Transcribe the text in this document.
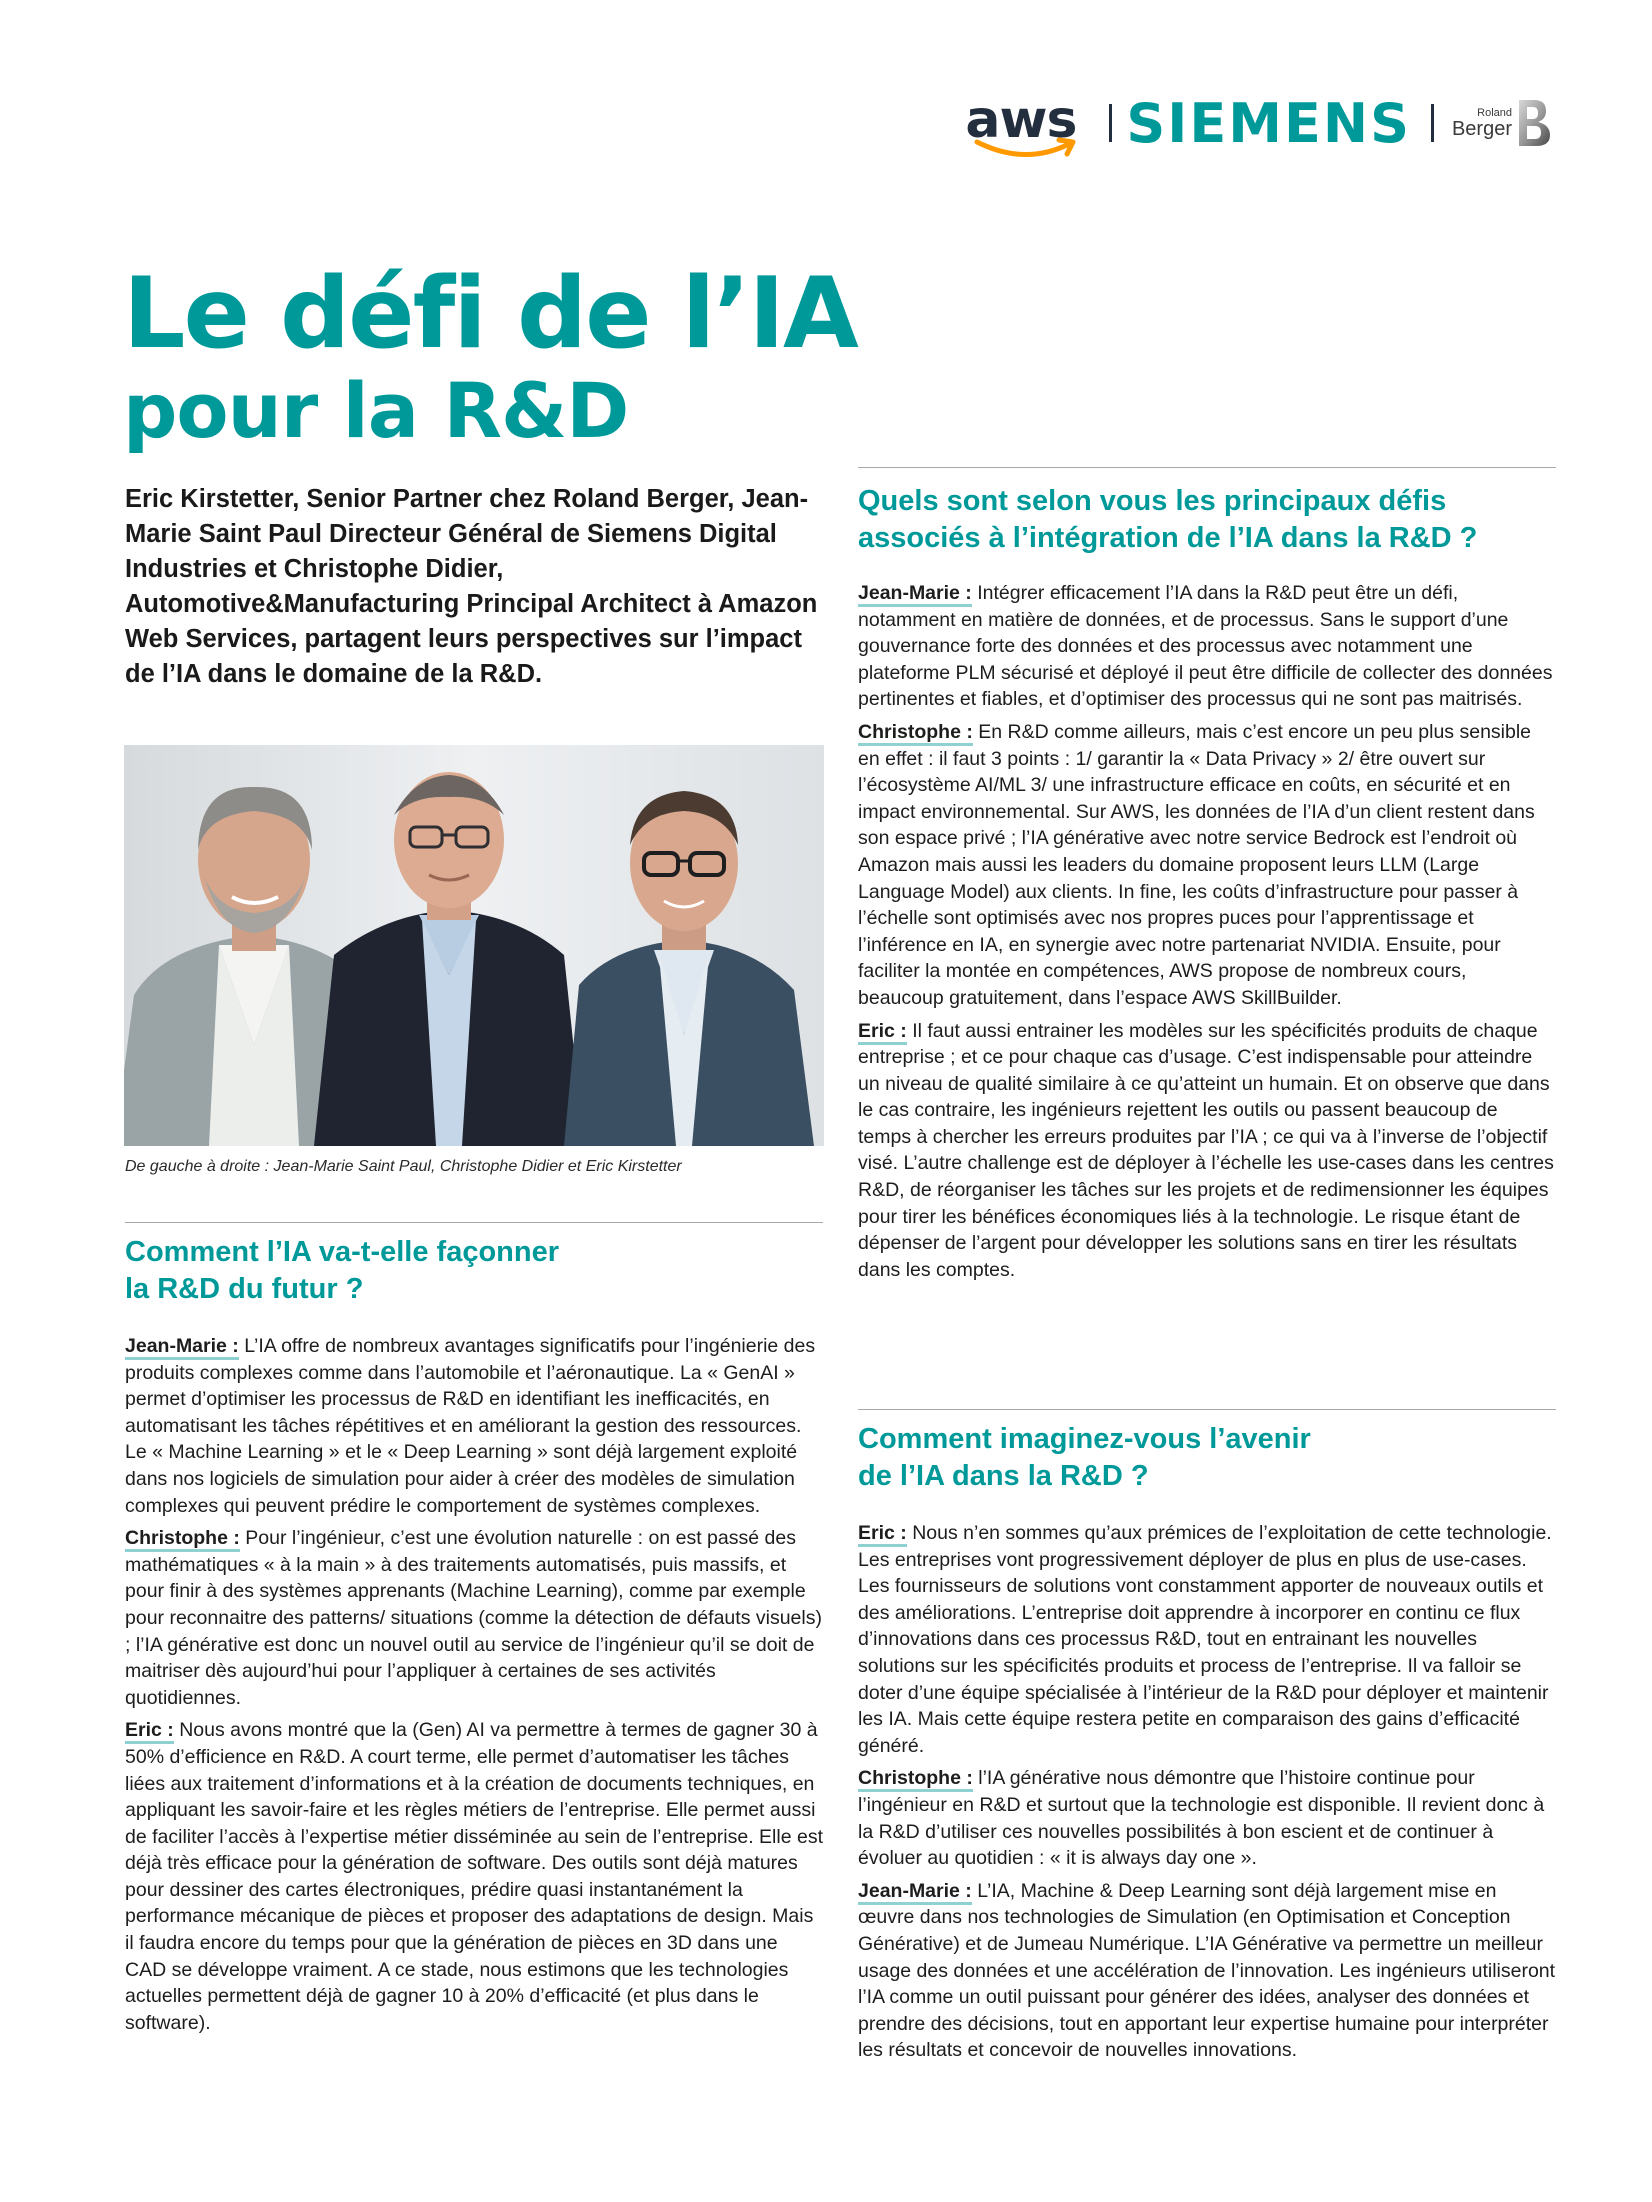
aws SIEMENS	Roland
Berger
Le défi de l’IA
pour la R&D

Eric Kirstetter, Senior Partner chez Roland Berger, Jean-Marie Saint Paul Directeur Général de Siemens Digital Industries et Christophe Didier, Automotive&Manufacturing Principal Architect à Amazon Web Services, partagent leurs perspectives sur l’impact de l’IA dans le domaine de la R&D.

De gauche à droite : Jean-Marie Saint Paul, Christophe Didier et Eric Kirstetter

Comment l’IA va-t-elle façonner
la R&D du futur ?

Jean-Marie : L’IA offre de nombreux avantages significatifs pour l’ingénierie des produits complexes comme dans l’automobile et l’aéronautique. La « GenAI » permet d’optimiser les processus de R&D en identifiant les inefficacités, en automatisant les tâches répétitives et en améliorant la gestion des ressources. Le « Machine Learning » et le « Deep Learning » sont déjà largement exploité dans nos logiciels de simulation pour aider à créer des modèles de simulation complexes qui peuvent prédire le comportement de systèmes complexes.

Christophe : Pour l’ingénieur, c’est une évolution naturelle : on est passé des mathématiques « à la main » à des traitements automatisés, puis massifs, et pour finir à des systèmes apprenants (Machine Learning), comme par exemple pour reconnaitre des patterns/ situations (comme la détection de défauts visuels) ; l’IA générative est donc un nouvel outil au service de l’ingénieur qu’il se doit de maitriser dès aujourd’hui pour l’appliquer à certaines de ses activités quotidiennes.

Eric : Nous avons montré que la (Gen) AI va permettre à termes de gagner 30 à 50% d’efficience en R&D. A court terme, elle permet d’automatiser les tâches liées aux traitement d’informations et à la création de documents techniques, en appliquant les savoir-faire et les règles métiers de l’entreprise. Elle permet aussi de faciliter l’accès à l’expertise métier disséminée au sein de l’entreprise. Elle est déjà très efficace pour la génération de software. Des outils sont déjà matures pour dessiner des cartes électroniques, prédire quasi instantanément la performance mécanique de pièces et proposer des adaptations de design. Mais il faudra encore du temps pour que la génération de pièces en 3D dans une CAD se développe vraiment. A ce stade, nous estimons que les technologies actuelles permettent déjà de gagner 10 à 20% d’efficacité (et plus dans le software).

Quels sont selon vous les principaux défis
associés à l’intégration de l’IA dans la R&D ?

Jean-Marie : Intégrer efficacement l’IA dans la R&D peut être un défi, notamment en matière de données, et de processus. Sans le support d’une gouvernance forte des données et des processus avec notamment une plateforme PLM sécurisé et déployé il peut être difficile de collecter des données pertinentes et fiables, et d’optimiser des processus qui ne sont pas maitrisés.

Christophe : En R&D comme ailleurs, mais c’est encore un peu plus sensible en effet : il faut 3 points : 1/ garantir la « Data Privacy » 2/ être ouvert sur l’écosystème AI/ML 3/ une infrastructure efficace en coûts, en sécurité et en impact environnemental. Sur AWS, les données de l’IA d’un client restent dans son espace privé ; l’IA générative avec notre service Bedrock est l’endroit où Amazon mais aussi les leaders du domaine proposent leurs LLM (Large Language Model) aux clients. In fine, les coûts d’infrastructure pour passer à l’échelle sont optimisés avec nos propres puces pour l’apprentissage et l’inférence en IA, en synergie avec notre partenariat NVIDIA. Ensuite, pour faciliter la montée en compétences, AWS propose de nombreux cours, beaucoup gratuitement, dans l’espace AWS SkillBuilder.

Eric : Il faut aussi entrainer les modèles sur les spécificités produits de chaque entreprise ; et ce pour chaque cas d’usage. C’est indispensable pour atteindre un niveau de qualité similaire à ce qu’atteint un humain. Et on observe que dans le cas contraire, les ingénieurs rejettent les outils ou passent beaucoup de temps à chercher les erreurs produites par l’IA ; ce qui va à l’inverse de l’objectif visé. L’autre challenge est de déployer à l’échelle les use-cases dans les centres R&D, de réorganiser les tâches sur les projets et de redimensionner les équipes pour tirer les bénéfices économiques liés à la technologie. Le risque étant de dépenser de l’argent pour développer les solutions sans en tirer les résultats dans les comptes.

Comment imaginez-vous l’avenir
de l’IA dans la R&D ?

Eric : Nous n’en sommes qu’aux prémices de l’exploitation de cette technologie. Les entreprises vont progressivement déployer de plus en plus de use-cases. Les fournisseurs de solutions vont constamment apporter de nouveaux outils et des améliorations. L’entreprise doit apprendre à incorporer en continu ce flux d’innovations dans ces processus R&D, tout en entrainant les nouvelles solutions sur les spécificités produits et process de l’entreprise. Il va falloir se doter d’une équipe spécialisée à l’intérieur de la R&D pour déployer et maintenir les IA. Mais cette équipe restera petite en comparaison des gains d’efficacité généré.

Christophe : l’IA générative nous démontre que l’histoire continue pour l’ingénieur en R&D et surtout que la technologie est disponible. Il revient donc à la R&D d’utiliser ces nouvelles possibilités à bon escient et de continuer à évoluer au quotidien : « it is always day one ».

Jean-Marie : L’IA, Machine & Deep Learning sont déjà largement mise en œuvre dans nos technologies de Simulation (en Optimisation et Conception Générative) et de Jumeau Numérique. L’IA Générative va permettre un meilleur usage des données et une accélération de l’innovation. Les ingénieurs utiliseront l’IA comme un outil puissant pour générer des idées, analyser des données et prendre des décisions, tout en apportant leur expertise humaine pour interpréter les résultats et concevoir de nouvelles innovations.
